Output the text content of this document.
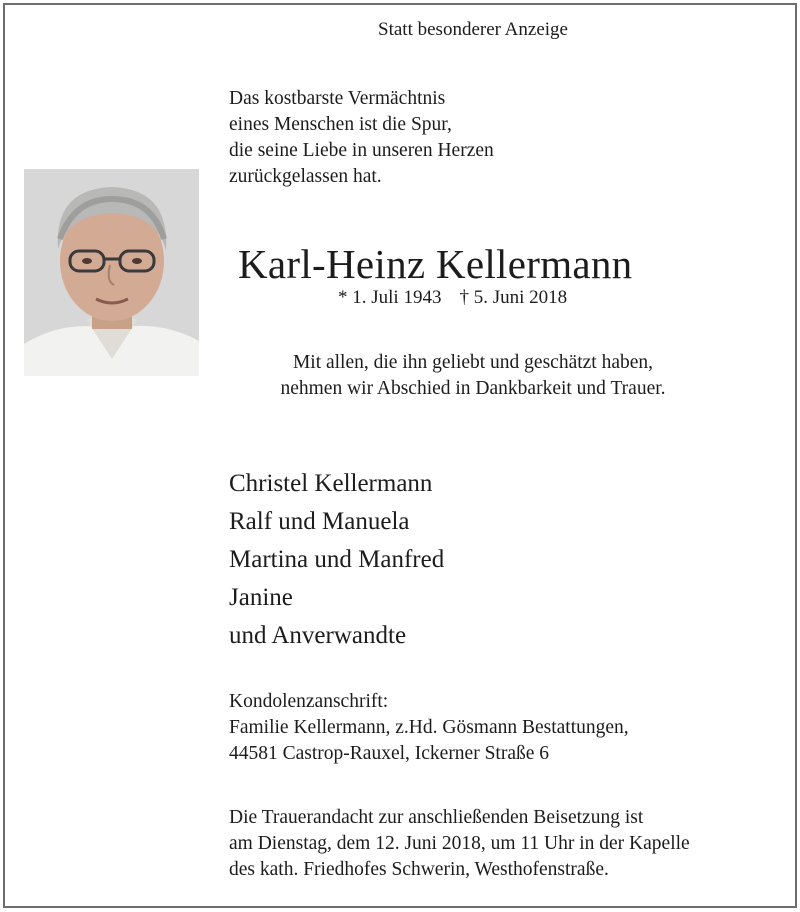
Statt besonderer Anzeige

Das kostbarste Vermächtnis
eines Menschen ist die Spur,
die seine Liebe in unseren Herzen
zurückgelassen hat.

Karl-Heinz Kellermann

* 1. Juli 1943 † 5. Juni 2018

Mit allen, die ihn geliebt und geschätzt haben,
nehmen wir Abschied in Dankbarkeit und Trauer.
Christel Kellermann
Ralf und Manuela
Martina und Manfred
Janine
und Anverwandte
Kondolenzanschrift:
Familie Kellermann, z.Hd. Gösmann Bestattungen,
44581 Castrop-Rauxel, Ickerner Straße 6
Die Trauerandacht zur anschließenden Beisetzung ist
am Dienstag, dem 12. Juni 2018, um 11 Uhr in der Kapelle
des kath. Friedhofes Schwerin, Westhofenstraße.
